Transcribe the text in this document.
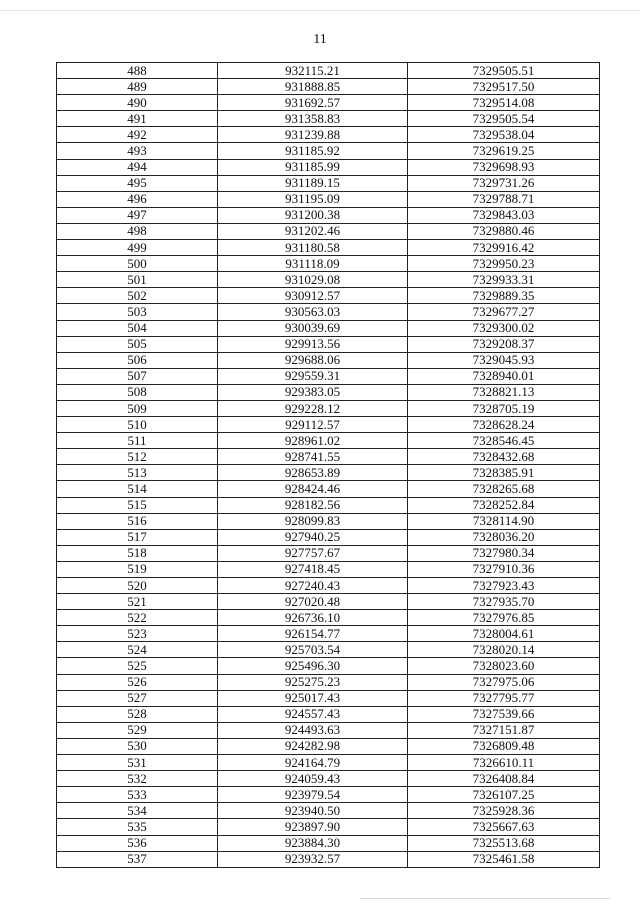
11
488	932115.21	7329505.51
489	931888.85	7329517.50
490	931692.57	7329514.08
491	931358.83	7329505.54
492	931239.88	7329538.04
493	931185.92	7329619.25
494	931185.99	7329698.93
495	931189.15	7329731.26
496	931195.09	7329788.71
497	931200.38	7329843.03
498	931202.46	7329880.46
499	931180.58	7329916.42
500	931118.09	7329950.23
501	931029.08	7329933.31
502	930912.57	7329889.35
503	930563.03	7329677.27
504	930039.69	7329300.02
505	929913.56	7329208.37
506	929688.06	7329045.93
507	929559.31	7328940.01
508	929383.05	7328821.13
509	929228.12	7328705.19
510	929112.57	7328628.24
511	928961.02	7328546.45
512	928741.55	7328432.68
513	928653.89	7328385.91
514	928424.46	7328265.68
515	928182.56	7328252.84
516	928099.83	7328114.90
517	927940.25	7328036.20
518	927757.67	7327980.34
519	927418.45	7327910.36
520	927240.43	7327923.43
521	927020.48	7327935.70
522	926736.10	7327976.85
523	926154.77	7328004.61
524	925703.54	7328020.14
525	925496.30	7328023.60
526	925275.23	7327975.06
527	925017.43	7327795.77
528	924557.43	7327539.66
529	924493.63	7327151.87
530	924282.98	7326809.48
531	924164.79	7326610.11
532	924059.43	7326408.84
533	923979.54	7326107.25
534	923940.50	7325928.36
535	923897.90	7325667.63
536	923884.30	7325513.68
537	923932.57	7325461.58
